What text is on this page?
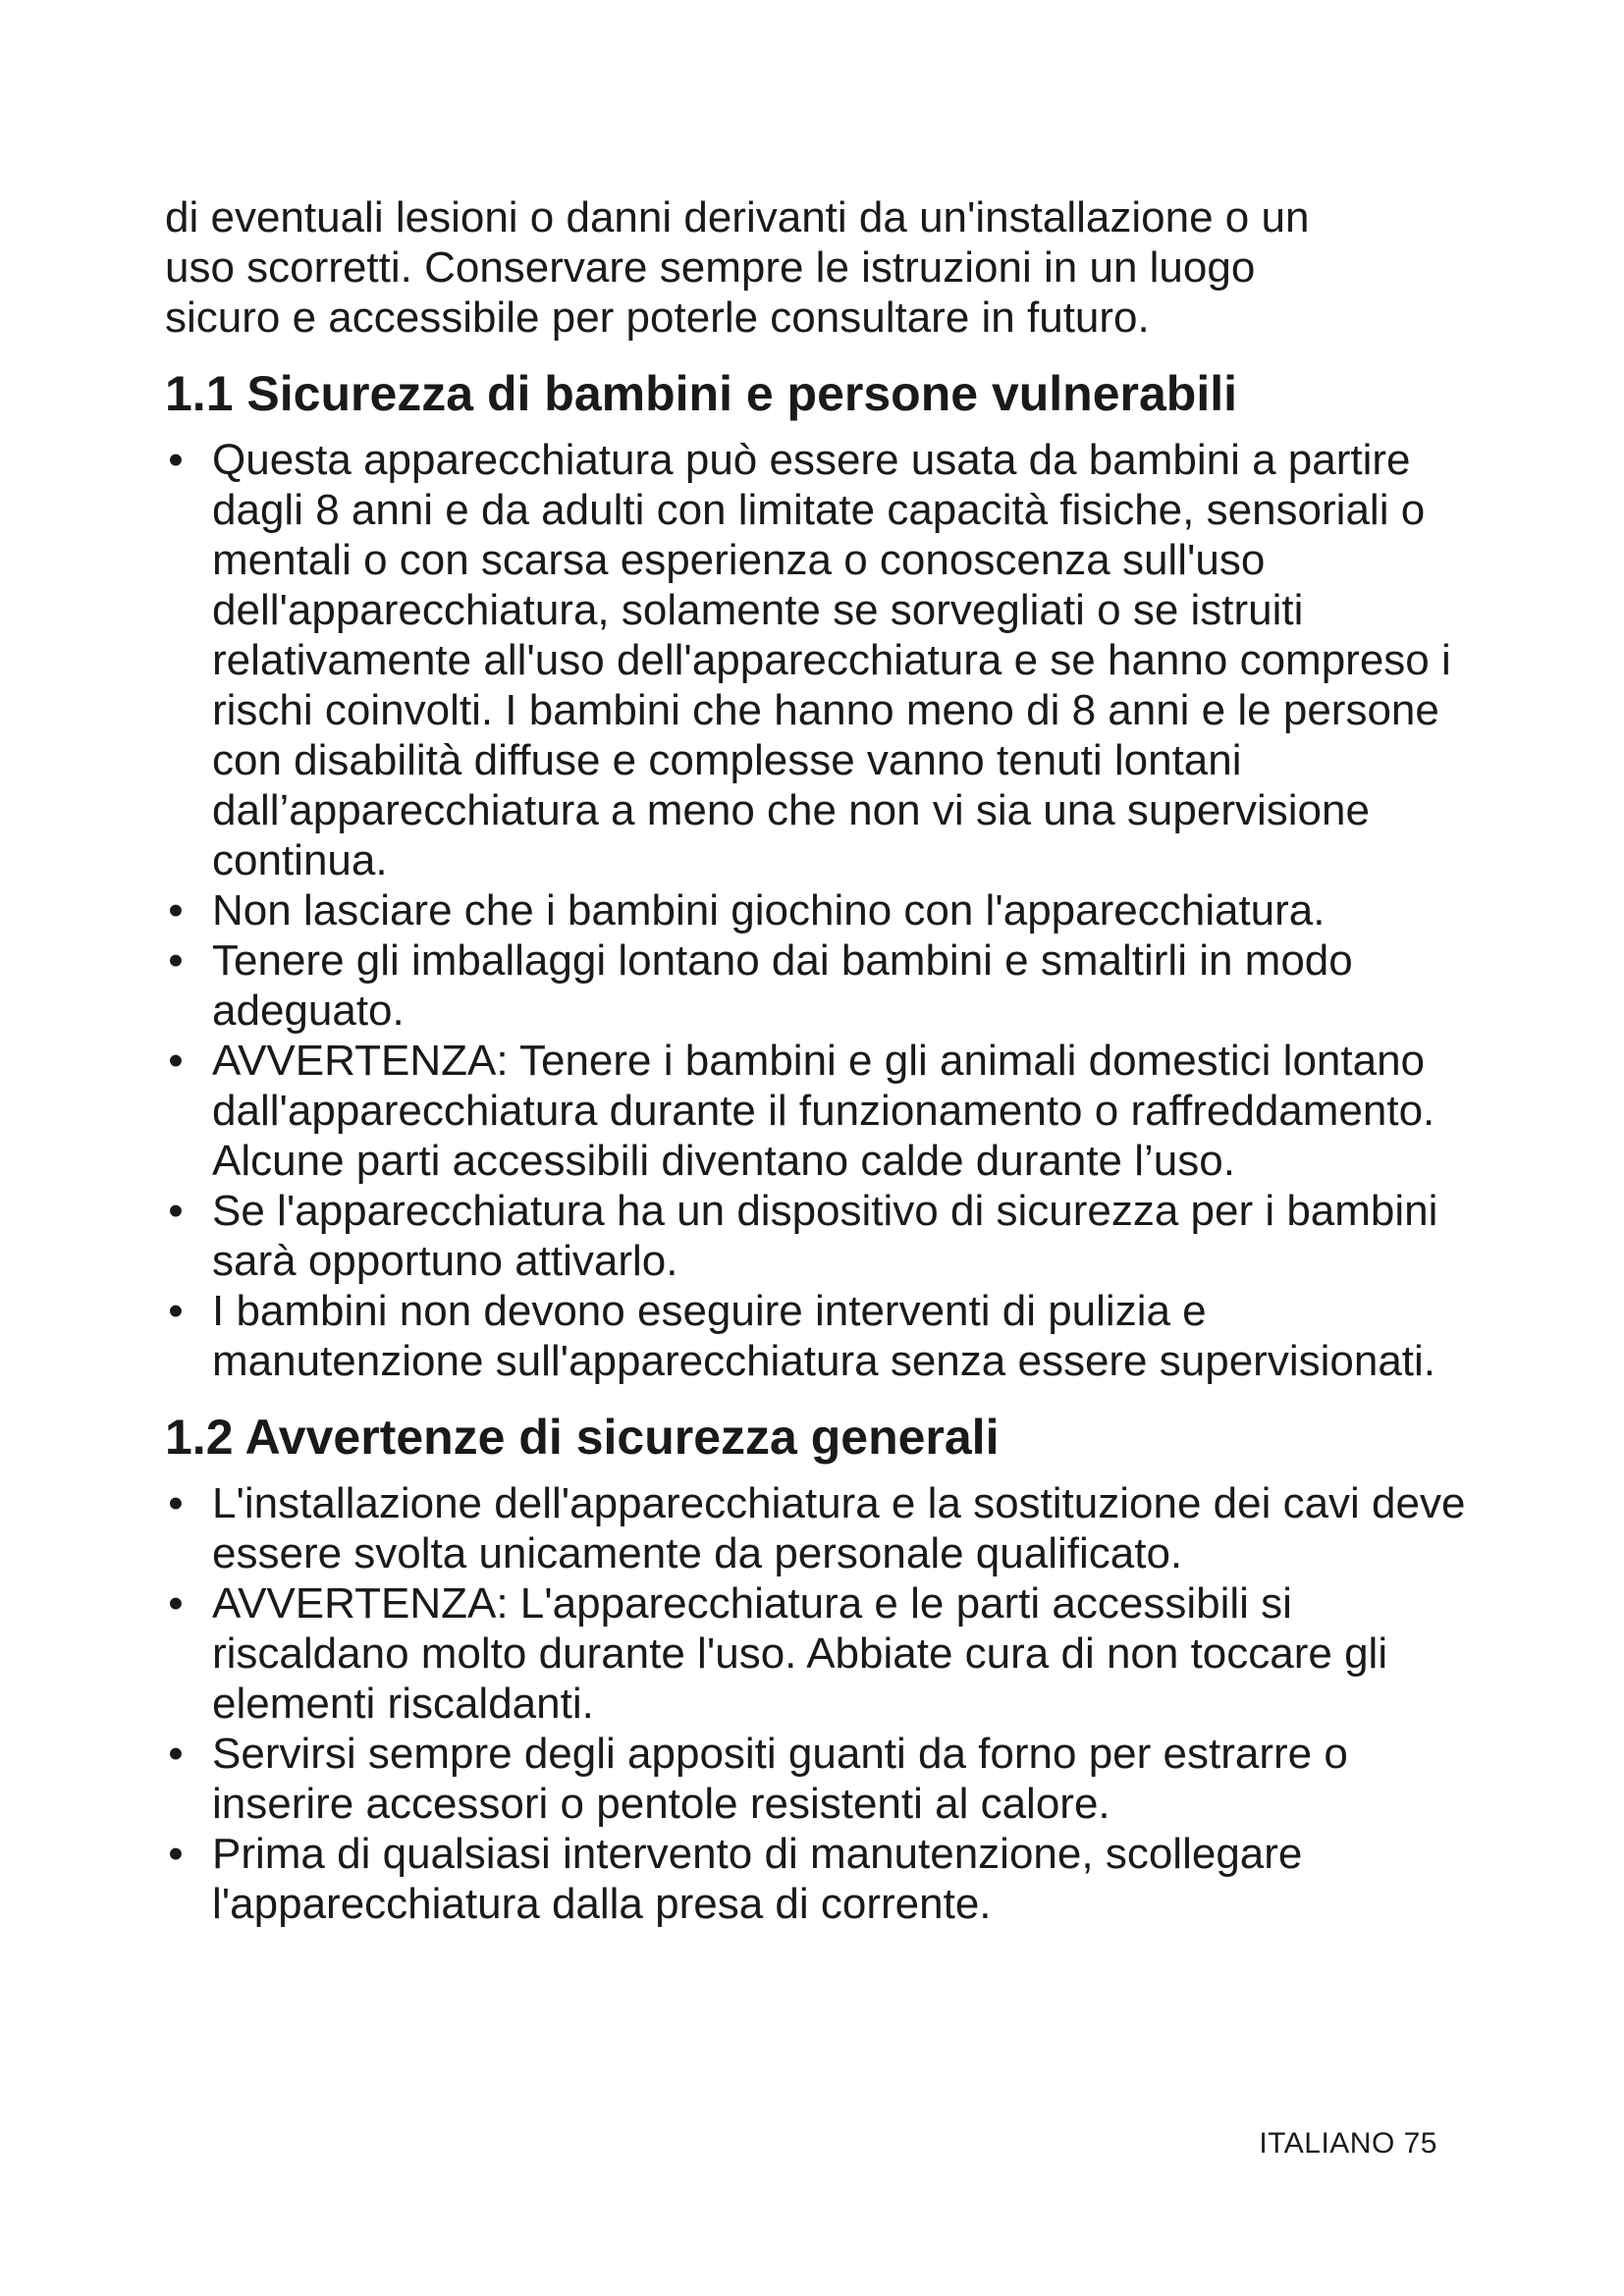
di eventuali lesioni o danni derivanti da un'installazione o un
uso scorretti. Conservare sempre le istruzioni in un luogo
sicuro e accessibile per poterle consultare in futuro.

1.1 Sicurezza di bambini e persone vulnerabili
• Questa apparecchiatura può essere usata da bambini a partire dagli 8 anni e da adulti con limitate capacità fisiche, sensoriali o mentali o con scarsa esperienza o conoscenza sull'uso dell'apparecchiatura, solamente se sorvegliati o se istruiti relativamente all'uso dell'apparecchiatura e se hanno compreso i rischi coinvolti. I bambini che hanno meno di 8 anni e le persone con disabilità diffuse e complesse vanno tenuti lontani dall’apparecchiatura a meno che non vi sia una supervisione continua.
• Non lasciare che i bambini giochino con l'apparecchiatura.
• Tenere gli imballaggi lontano dai bambini e smaltirli in modo adeguato.
• AVVERTENZA: Tenere i bambini e gli animali domestici lontano dall'apparecchiatura durante il funzionamento o raffreddamento. Alcune parti accessibili diventano calde durante l’uso.
• Se l'apparecchiatura ha un dispositivo di sicurezza per i bambini sarà opportuno attivarlo.
• I bambini non devono eseguire interventi di pulizia e manutenzione sull'apparecchiatura senza essere supervisionati.
1.2 Avvertenze di sicurezza generali
• L'installazione dell'apparecchiatura e la sostituzione dei cavi deve essere svolta unicamente da personale qualificato.
• AVVERTENZA: L'apparecchiatura e le parti accessibili si riscaldano molto durante l'uso. Abbiate cura di non toccare gli elementi riscaldanti.
• Servirsi sempre degli appositi guanti da forno per estrarre o inserire accessori o pentole resistenti al calore.
• Prima di qualsiasi intervento di manutenzione, scollegare l'apparecchiatura dalla presa di corrente.
ITALIANO 75
